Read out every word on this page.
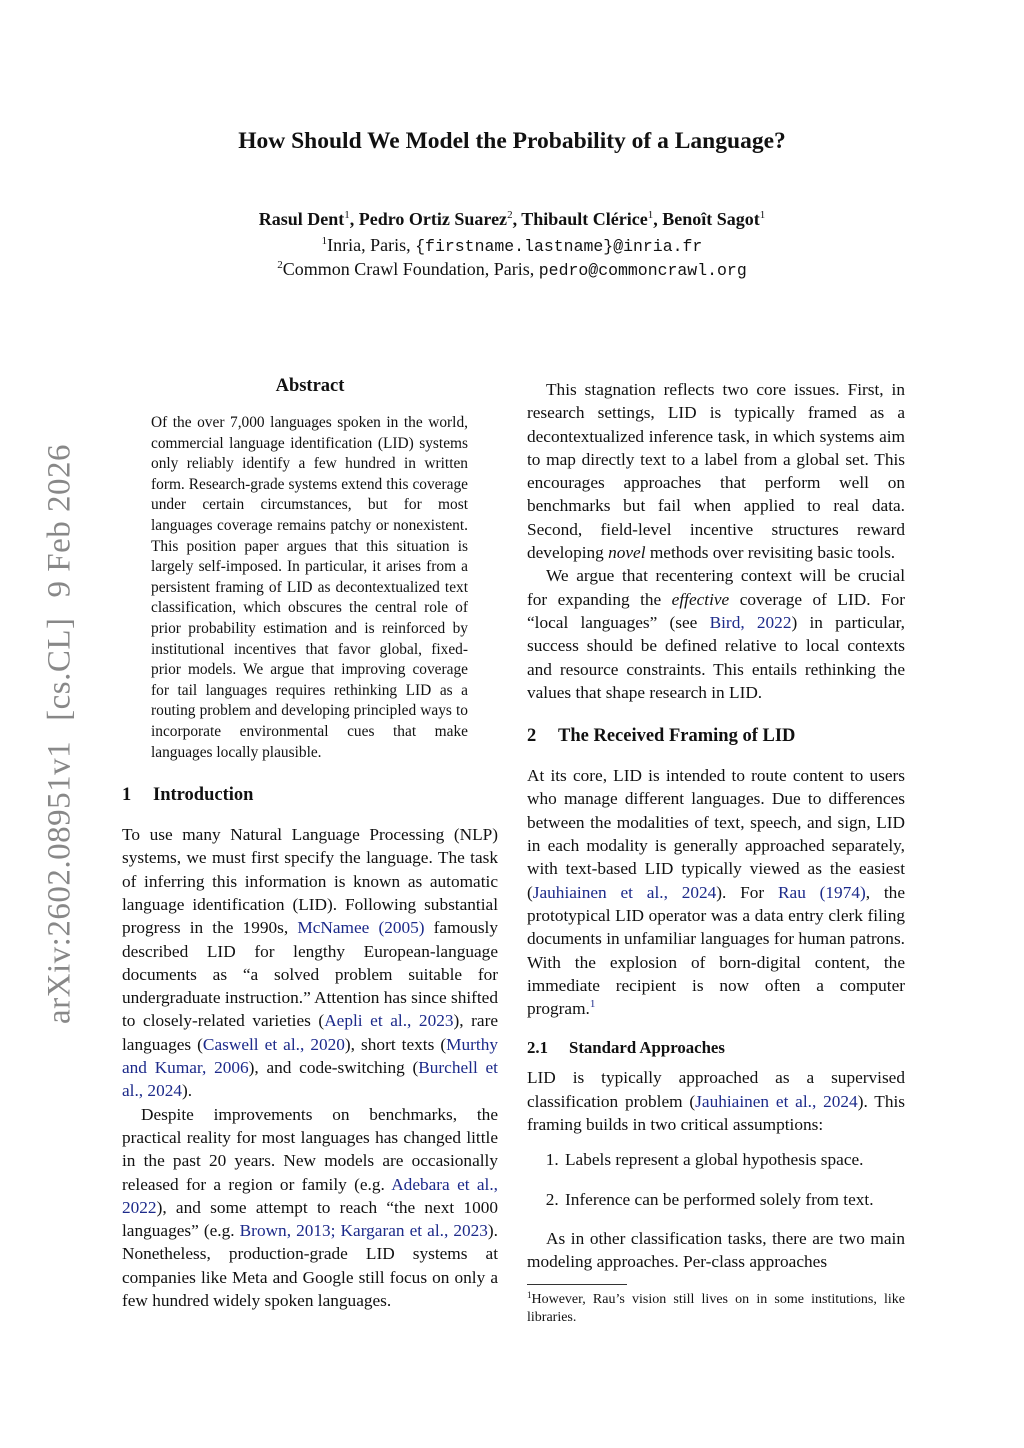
arXiv:2602.08951v1[cs.CL]9 Feb 2026
How Should We Model the Probability of a Language?
Rasul Dent$^1$, Pedro Ortiz Suarez$^2$, Thibault Clérice$^1$, Benoît Sagot$^1$
$^1$Inria, Paris, {firstname.lastname}@inria.fr
$^2$Common Crawl Foundation, Paris, pedro@commoncrawl.org
Abstract
Of the over 7,000 languages spoken in the world, commercial language identification (LID) systems only reliably identify a few hundred in written form. Research-grade systems extend this coverage under certain circumstances, but for most languages coverage remains patchy or nonexistent. This position paper argues that this situation is largely self-imposed. In particular, it arises from a persistent framing of LID as decontextualized text classification, which obscures the central role of prior probability estimation and is reinforced by institutional incentives that favor global, fixed-prior models. We argue that improving coverage for tail languages requires rethinking LID as a routing problem and developing principled ways to incorporate environmental cues that make languages locally plausible.
1 Introduction

To use many Natural Language Processing (NLP) systems, we must first specify the language. The task of inferring this information is known as automatic language identification (LID). Following substantial progress in the 1990s, McNamee (2005) famously described LID for lengthy European-language documents as “a solved problem suitable for undergraduate instruction.” Attention has since shifted to closely-related varieties (Aepli et al., 2023), rare languages (Caswell et al., 2020), short texts (Murthy and Kumar, 2006), and code-switching (Burchell et al., 2024).

Despite improvements on benchmarks, the practical reality for most languages has changed little in the past 20 years. New models are occasionally released for a region or family (e.g. Adebara et al., 2022), and some attempt to reach “the next 1000 languages” (e.g. Brown, 2013; Kargaran et al., 2023). Nonetheless, production-grade LID systems at companies like Meta and Google still focus on only a few hundred widely spoken languages.

This stagnation reflects two core issues. First, in research settings, LID is typically framed as a decontextualized inference task, in which systems aim to map directly text to a label from a global set. This encourages approaches that perform well on benchmarks but fail when applied to real data. Second, field-level incentive structures reward developing novel methods over revisiting basic tools.

We argue that recentering context will be crucial for expanding the effective coverage of LID. For “local languages” (see Bird, 2022) in particular, success should be defined relative to local contexts and resource constraints. This entails rethinking the values that shape research in LID.

2 The Received Framing of LID

At its core, LID is intended to route content to users who manage different languages. Due to differences between the modalities of text, speech, and sign, LID in each modality is generally approached separately, with text-based LID typically viewed as the easiest (Jauhiainen et al., 2024). For Rau (1974), the prototypical LID operator was a data entry clerk filing documents in unfamiliar languages for human patrons. With the explosion of born-digital content, the immediate recipient is now often a computer program.$^1$

2.1 Standard Approaches

LID is typically approached as a supervised classification problem (Jauhiainen et al., 2024). This framing builds in two critical assumptions:

1. Labels represent a global hypothesis space.
2. Inference can be performed solely from text.

As in other classification tasks, there are two main modeling approaches. Per-class approaches

$^1$However, Rau’s vision still lives on in some institutions, like libraries.
